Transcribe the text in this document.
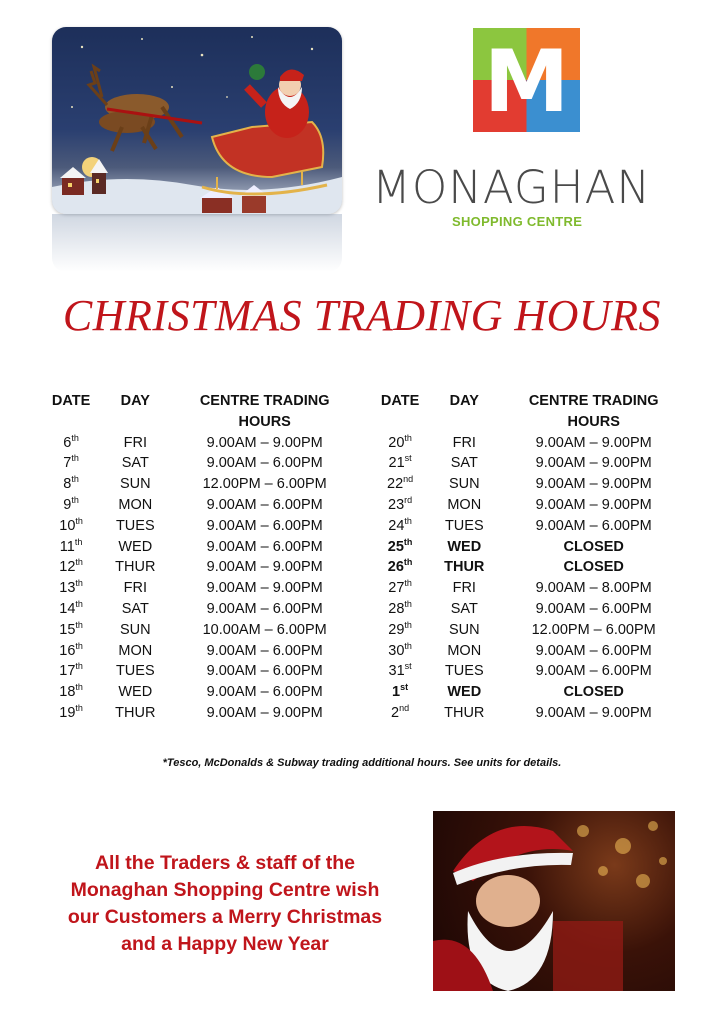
M
MONAGHAN
SHOPPING CENTRE
CHRISTMAS TRADING HOURS
DATE	DAY	CENTRE TRADING
HOURS		DATE	DAY	CENTRE TRADING
HOURS
6th	FRI	9.00AM – 9.00PM		20th	FRI	9.00AM – 9.00PM
7th	SAT	9.00AM – 6.00PM		21st	SAT	9.00AM – 9.00PM
8th	SUN	12.00PM – 6.00PM		22nd	SUN	9.00AM – 9.00PM
9th	MON	9.00AM – 6.00PM		23rd	MON	9.00AM – 9.00PM
10th	TUES	9.00AM – 6.00PM		24th	TUES	9.00AM – 6.00PM
11th	WED	9.00AM – 6.00PM		25th	WED	CLOSED
12th	THUR	9.00AM – 9.00PM		26th	THUR	CLOSED
13th	FRI	9.00AM – 9.00PM		27th	FRI	9.00AM – 8.00PM
14th	SAT	9.00AM – 6.00PM		28th	SAT	9.00AM – 6.00PM
15th	SUN	10.00AM – 6.00PM		29th	SUN	12.00PM – 6.00PM
16th	MON	9.00AM – 6.00PM		30th	MON	9.00AM – 6.00PM
17th	TUES	9.00AM – 6.00PM		31st	TUES	9.00AM – 6.00PM
18th	WED	9.00AM – 6.00PM		1st	WED	CLOSED
19th	THUR	9.00AM – 9.00PM		2nd	THUR	9.00AM – 9.00PM
*Tesco, McDonalds & Subway trading additional hours. See units for details.
All the Traders & staff of the
Monaghan Shopping Centre wish
our Customers a Merry Christmas
and a Happy New Year
